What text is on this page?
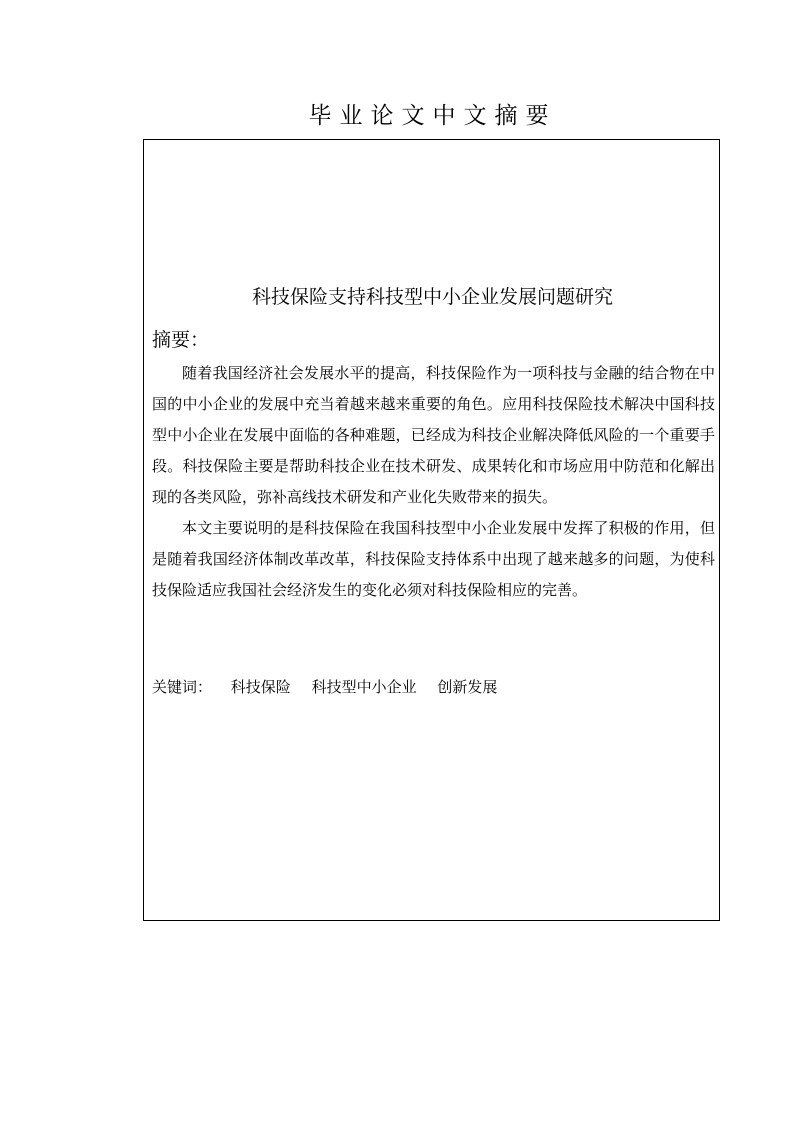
毕业论文中文摘要
科技保险支持科技型中小企业发展问题研究
摘要：

随着我国经济社会发展水平的提高，科技保险作为一项科技与金融的结合物在中国的中小企业的发展中充当着越来越来重要的角色。应用科技保险技术解决中国科技型中小企业在发展中面临的各种难题，已经成为科技企业解决降低风险的一个重要手段。科技保险主要是帮助科技企业在技术研发、成果转化和市场应用中防范和化解出现的各类风险，弥补高线技术研发和产业化失败带来的损失。

本文主要说明的是科技保险在我国科技型中小企业发展中发挥了积极的作用，但是随着我国经济体制改革改革，科技保险支持体系中出现了越来越多的问题，为使科技保险适应我国社会经济发生的变化必须对科技保险相应的完善。

关键词： 科技保险 科技型中小企业 创新发展
